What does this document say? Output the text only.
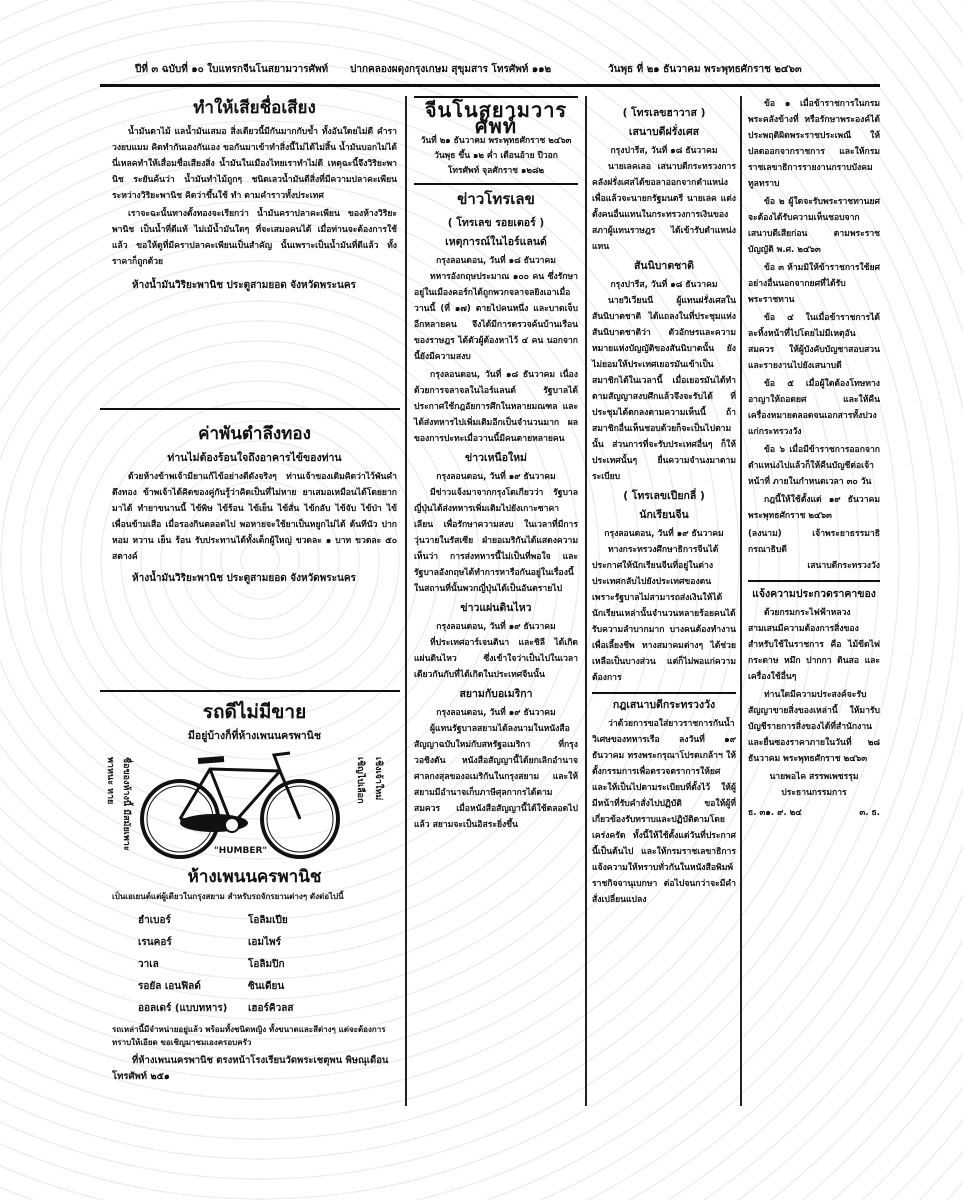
ปีที่ ๓ ฉบับที่ ๑๐ ใบแทรกจีนโนสยามวารศัพท์ ปากคลองผดุงกรุงเกษม สุขุมสาร โทรศัพท์ ๑๑๒	วันพุธ ที่ ๒๑ ธันวาคม พระพุทธศักราช ๒๔๖๓
ทำให้เสียชื่อเสียง

น้ำมันตาไม้ แลน้ำมันเสมอ สิ่งเดียวนี้มีกันมากกับข้ำ ทั้งอันใดยไม่ดี คำราวงยบแมม คิดทำกันเองกันเอง ขอกันมาเข้าทำสิ่งนี้ไม่ได้ไม่สิ้น น้ำมันบอกไม่ได้ นี่เหลคทำให้เสื่อมชื่อเสียงสิ่ง น้ำมันในเมืองไทยเราทำไม่ดี เหตุฉะนี้จึงวิริยะพานิช ระยันค้นว่า น้ำมันทำไม้ถูกๆ ชนิดเลวน้ำมันดีสิ่งที่มีความปลาคะเพียนระหว่างวิริยะพานิช คิดว่าขึ้นใช้ ทำ ตามคำราวทั้งประเทศ

เราจะฉะนั้นทางตั้งทองจะเรียกว่า น้ำมันคราปลาคะเพียน ของห้างวิริยะพานิช เป็นน้ำที่ดีแท้ ไม่เม้น้ำมันใดๆ ที่จะเสมอคนได้ เมื่อท่านจะต้องการใช้แล้ว ขอให้ดูที่มีคราปลาคะเพียนเป็นสำคัญ นั้นเพราะเป็นน้ำมันที่ดีแล้ว ทั้งราคาก็ถูกด้วย

ห้างน้ำมันวิริยะพานิช ประตูสามยอด จังหวัดพระนคร
ค่าพันตำลึงทอง
ท่านไม่ต้องร้อนใจถึงอาคารไข้ของท่าน

ด้วยห้างข้าพเจ้ามียาแก้ไข้อย่างดีดังจริงๆ ท่านเจ้าของเดิมคิดว่าไว้พันคำตึงทอง ข้าพเจ้าได้คิดของคู่กันรู้ว่าคิดเป็นที่ไม่หาย ยาเสมอเหมือนได้โดยยากมาได้ ทำยาขนานนี้ ไข้พิษ ไข้ร้อน ไข้เย็น ไข้สั่น ไข้กลับ ไข้จับ ไข้ป่า ไข้เพื่อนข้ามเสือ เมื่อรองกินตลอดไป พอหายจะใช้ยาเป็นหยูกไม่ได้ ต้นทีนัว ปากหอม หวาน เย็น ร้อน รับประทานได้ทั้งเด็กผู้ใหญ่ ขวดละ ๑ บาท ขวดละ ๕๐ สตางค์

ห้างน้ำมันวิริยะพานิช ประตูสามยอด จังหวัดพระนคร
รถดีไม่มีขาย
มีอยู่บ้างก็ที่ห้างเพนนครพานิช
ชื่อของห้างนี้ มีสมัยเพาะพาหนะ หาย
"HUMBER"
เชิญไปเลือก เชิงเจ้าใหม่
ห้างเพนนครพานิช
เป็นเอเยนต์แต่ผู้เดียวในกรุงสยาม สำหรับรถจักรยานต่างๆ ดังต่อไปนี้
ฮำเบอร์	โอลิมเปีย
เรนคอร์	เอมไพร์
วาเล	โอลิมปิก
รอยัล เอนฟิลด์	ซินเดียน
ออลเดร์ (แบบทหาร)	เฮอร์คิวลส
รถเหล่านี้มีจำหน่ายอยู่แล้ว พร้อมทั้งชนิดหญิง ทั้งขนาดและสีต่างๆ แต่จะต้องการทราบให้เอียด ขอเชิญมาชมเองครอบครัว
ที่ห้างเพนนครพานิช ตรงหน้าโรงเรียนวัดพระเชตุพน พิษณุเดือน
โทรศัพท์ ๒๕๑
จีนโนสยามวารศัพท์
วันที่ ๒๑ ธันวาคม พระพุทธศักราช ๒๔๖๓
วันพุธ ขึ้น ๑๒ ค่ำ เดือนอ้าย ปีวอก
โทรศัพท์ จุลศักราช ๑๒๘๒
ข่าวโทรเลข
( โทรเลข รอยเตอร์ )
เหตุการณ์ในไอร์แลนด์
กรุงลอนดอน, วันที่ ๑๘ ธันวาคม

ทหารอังกฤษประมาณ ๑๐๐ คน ซึ่งรักษาอยู่ในเมืองคอร์กได้ถูกพวกจลาจลยิงเอาเมื่อวานนี้ (ที่ ๑๗) ตายไปคนหนึ่ง และบาดเจ็บอีกหลายคน จึงได้มีการตรวจค้นบ้านเรือนของราษฎร ได้ตัวผู้ต้องหาไว้ ๔ คน นอกจากนี้ยังมีความสงบ

กรุงลอนดอน, วันที่ ๑๘ ธันวาคม เนื่องด้วยการจลาจลในไอร์แลนด์ รัฐบาลได้ประกาศใช้กฎอัยการศึกในหลายมณฑล และได้ส่งทหารไปเพิ่มเติมอีกเป็นจำนวนมาก ผลของการปะทะเมื่อวานนี้มีคนตายหลายคน

ข่าวเหนือใหม่
กรุงลอนดอน, วันที่ ๑๙ ธันวาคม

มีข่าวแจ้งมาจากกรุงโตเกียวว่า รัฐบาลญี่ปุ่นได้ส่งทหารเพิ่มเติมไปยังเกาะซาคาเลียน เพื่อรักษาความสงบ ในเวลาที่มีการวุ่นวายในรัสเซีย ฝ่ายอเมริกันได้แสดงความเห็นว่า การส่งทหารนี้ไม่เป็นที่พอใจ และรัฐบาลอังกฤษได้ทำการหารือกันอยู่ในเรื่องนี้ ในสถานที่นั้นพวกญี่ปุ่นได้เป็นอันตรายไป

ข่าวแผ่นดินไหว
กรุงลอนดอน, วันที่ ๑๙ ธันวาคม

ที่ประเทศอาร์เจนตินา และชิลี ได้เกิดแผ่นดินไหว ซึ่งเข้าใจว่าเป็นไปในเวลาเดียวกันกับที่ได้เกิดในประเทศจีนนั้น

สยามกับอเมริกา
กรุงลอนดอน, วันที่ ๑๙ ธันวาคม

ผู้แทนรัฐบาลสยามได้ลงนามในหนังสือสัญญาฉบับใหม่กับสหรัฐอเมริกา ที่กรุงวอชิงตัน หนังสือสัญญานี้ได้ยกเลิกอำนาจศาลกงสุลของอเมริกันในกรุงสยาม และให้สยามมีอำนาจเก็บภาษีศุลกากรได้ตามสมควร เมื่อหนังสือสัญญานี้ได้ใช้ตลอดไปแล้ว สยามจะเป็นอิสระยิ่งขึ้น

( โทรเลขฮาวาส )
เสนาบดีฝรั่งเศส
กรุงปารีส, วันที่ ๑๘ ธันวาคม

นายเลคเลอ เสนาบดีกระทรวงการคลังฝรั่งเศสได้ขอลาออกจากตำแหน่ง เพื่อแล้วจะนายกรัฐมนตรี นายเลค แต่งตั้งคนอื่นแทนในกระทรวงการเงินของสภาผู้แทนราษฎร ได้เข้ารับตำแหน่งแทน

สันนิบาตชาติ
กรุงปารีส, วันที่ ๑๘ ธันวาคม

นายวิเวียนนี ผู้แทนฝรั่งเศสในสันนิบาตชาติ ได้แถลงในที่ประชุมแห่งสันนิบาตชาติว่า ตัวอักษรและความหมายแห่งบัญญัติของสันนิบาตนั้น ยังไม่ยอมให้ประเทศเยอรมันเข้าเป็นสมาชิกได้ในเวลานี้ เมื่อเยอรมันได้ทำตามสัญญาสงบศึกแล้วจึงจะรับได้ ที่ประชุมได้ตกลงตามความเห็นนี้ ถ้าสมาชิกอื่นเห็นชอบด้วยก็จะเป็นไปตามนั้น ส่วนการที่จะรับประเทศอื่นๆ ก็ให้ประเทศนั้นๆ ยื่นความจำนงมาตามระเบียบ

( โทรเลขเปียกลี่ )
นักเรียนจีน
กรุงลอนดอน, วันที่ ๑๙ ธันวาคม

ทางกระทรวงศึกษาธิการจีนได้ประกาศให้นักเรียนจีนที่อยู่ในต่างประเทศกลับไปยังประเทศของตน เพราะรัฐบาลไม่สามารถส่งเงินให้ได้ นักเรียนเหล่านั้นจำนวนหลายร้อยคนได้รับความลำบากมาก บางคนต้องทำงานเพื่อเลี้ยงชีพ ทางสมาคมต่างๆ ได้ช่วยเหลือเป็นบางส่วน แต่ก็ไม่พอแก่ความต้องการ

กฎเสนาบดีกระทรวงวัง

ว่าด้วยการขอใส่ยาวราชการกันน้ำวิเศษของทหารเรือ ลงวันที่ ๑๙ ธันวาคม ทรงพระกรุณาโปรดเกล้าฯ ให้ตั้งกรรมการเพื่อตรวจตราการให้ยศ และให้เป็นไปตามระเบียบที่ตั้งไว้ ให้ผู้มีหน้าที่รับคำสั่งไปปฏิบัติ ขอให้ผู้ที่เกี่ยวข้องรับทราบและปฏิบัติตามโดยเคร่งครัด ทั้งนี้ให้ใช้ตั้งแต่วันที่ประกาศนี้เป็นต้นไป และให้กรมราชเลขาธิการแจ้งความให้ทราบทั่วกันในหนังสือพิมพ์ราชกิจจานุเบกษา ต่อไปจนกว่าจะมีคำสั่งเปลี่ยนแปลง

ข้อ ๑ เมื่อข้าราชการในกรมพระคลังข้างที่ หรือรักษาพระองค์ได้ประพฤติผิดพระราชประเพณี ให้ปลดออกจากราชการ และให้กรมราชเลขาธิการรายงานกราบบังคมทูลทราบ

ข้อ ๒ ผู้ใดจะรับพระราชทานยศจะต้องได้รับความเห็นชอบจากเสนาบดีเสียก่อน ตามพระราชบัญญัติ พ.ศ. ๒๔๖๓

ข้อ ๓ ห้ามมิให้ข้าราชการใช้ยศอย่างอื่นนอกจากยศที่ได้รับพระราชทาน

ข้อ ๔ ในเมื่อข้าราชการได้ละทิ้งหน้าที่ไปโดยไม่มีเหตุอันสมควร ให้ผู้บังคับบัญชาสอบสวน และรายงานไปยังเสนาบดี

ข้อ ๕ เมื่อผู้ใดต้องโทษทางอาญาให้ถอดยศ และให้คืนเครื่องหมายตลอดจนเอกสารทั้งปวงแก่กระทรวงวัง

ข้อ ๖ เมื่อมีข้าราชการออกจากตำแหน่งไปแล้วก็ให้คืนบัญชีต่อเจ้าหน้าที่ ภายในกำหนดเวลา ๓๐ วัน

กฎนี้ให้ใช้ตั้งแต่ ๑๙ ธันวาคม พระพุทธศักราช ๒๔๖๓

(ลงนาม) เจ้าพระยาธรรมาธิกรณาธิบดี
เสนาบดีกระทรวงวัง
แจ้งความประกวดราคาของ

ด้วยกรมกระไฟฟ้าหลวงสามเสนมีความต้องการสิ่งของสำหรับใช้ในราชการ คือ ไม้ขีดไฟ กระดาษ หมึก ปากกา ดินสอ และเครื่องใช้อื่นๆ

ท่านใดมีความประสงค์จะรับสัญญาขายสิ่งของเหล่านี้ ให้มารับบัญชีรายการสิ่งของได้ที่สำนักงาน และยื่นซองราคาภายในวันที่ ๒๘ ธันวาคม พระพุทธศักราช ๒๔๖๓

นายพอไค สรรพเพชรรุม
ประธานกรรมการ
ธ. ๓๑. ๙. ๒๔	๓. ธ.
